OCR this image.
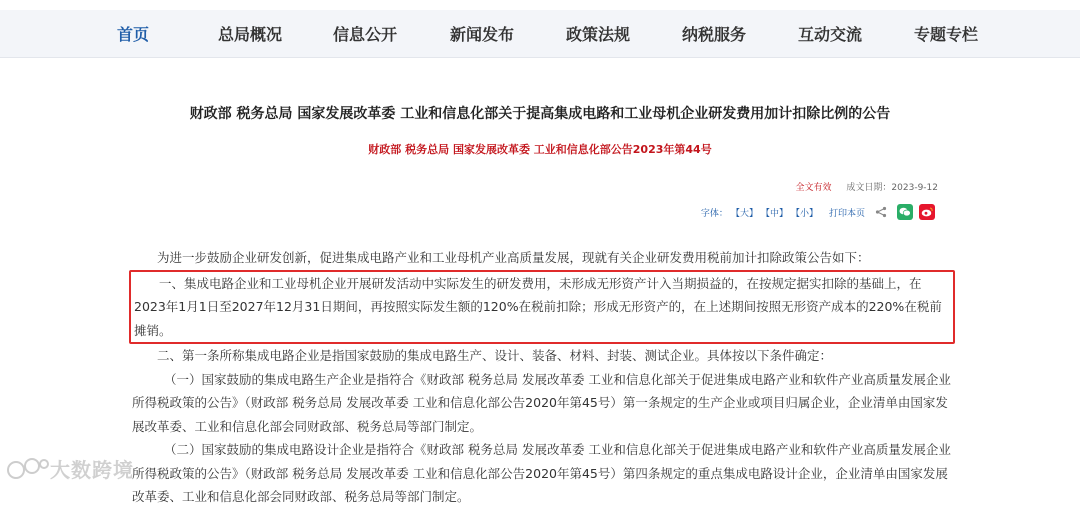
首页	总局概况	信息公开	新闻发布	政策法规	纳税服务	互动交流	专题专栏
财政部 税务总局 国家发展改革委 工业和信息化部关于提高集成电路和工业母机企业研发费用加计扣除比例的公告
财政部 税务总局 国家发展改革委 工业和信息化部公告2023年第44号
全文有效 成文日期：2023-9-12
字体： 【大】 【中】 【小】 打印本页

为进一步鼓励企业研发创新，促进集成电路产业和工业母机产业高质量发展，现就有关企业研发费用税前加计扣除政策公告如下：

一、集成电路企业和工业母机企业开展研发活动中实际发生的研发费用，未形成无形资产计入当期损益的，在按规定据实扣除的基础上，在2023年1月1日至2027年12月31日期间，再按照实际发生额的120%在税前扣除；形成无形资产的，在上述期间按照无形资产成本的220%在税前摊销。

二、第一条所称集成电路企业是指国家鼓励的集成电路生产、设计、装备、材料、封装、测试企业。具体按以下条件确定：

（一）国家鼓励的集成电路生产企业是指符合《财政部 税务总局 发展改革委 工业和信息化部关于促进集成电路产业和软件产业高质量发展企业所得税政策的公告》（财政部 税务总局 发展改革委 工业和信息化部公告2020年第45号）第一条规定的生产企业或项目归属企业，企业清单由国家发展改革委、工业和信息化部会同财政部、税务总局等部门制定。

（二）国家鼓励的集成电路设计企业是指符合《财政部 税务总局 发展改革委 工业和信息化部关于促进集成电路产业和软件产业高质量发展企业所得税政策的公告》（财政部 税务总局 发展改革委 工业和信息化部公告2020年第45号）第四条规定的重点集成电路设计企业，企业清单由国家发展改革委、工业和信息化部会同财政部、税务总局等部门制定。

大数跨境
